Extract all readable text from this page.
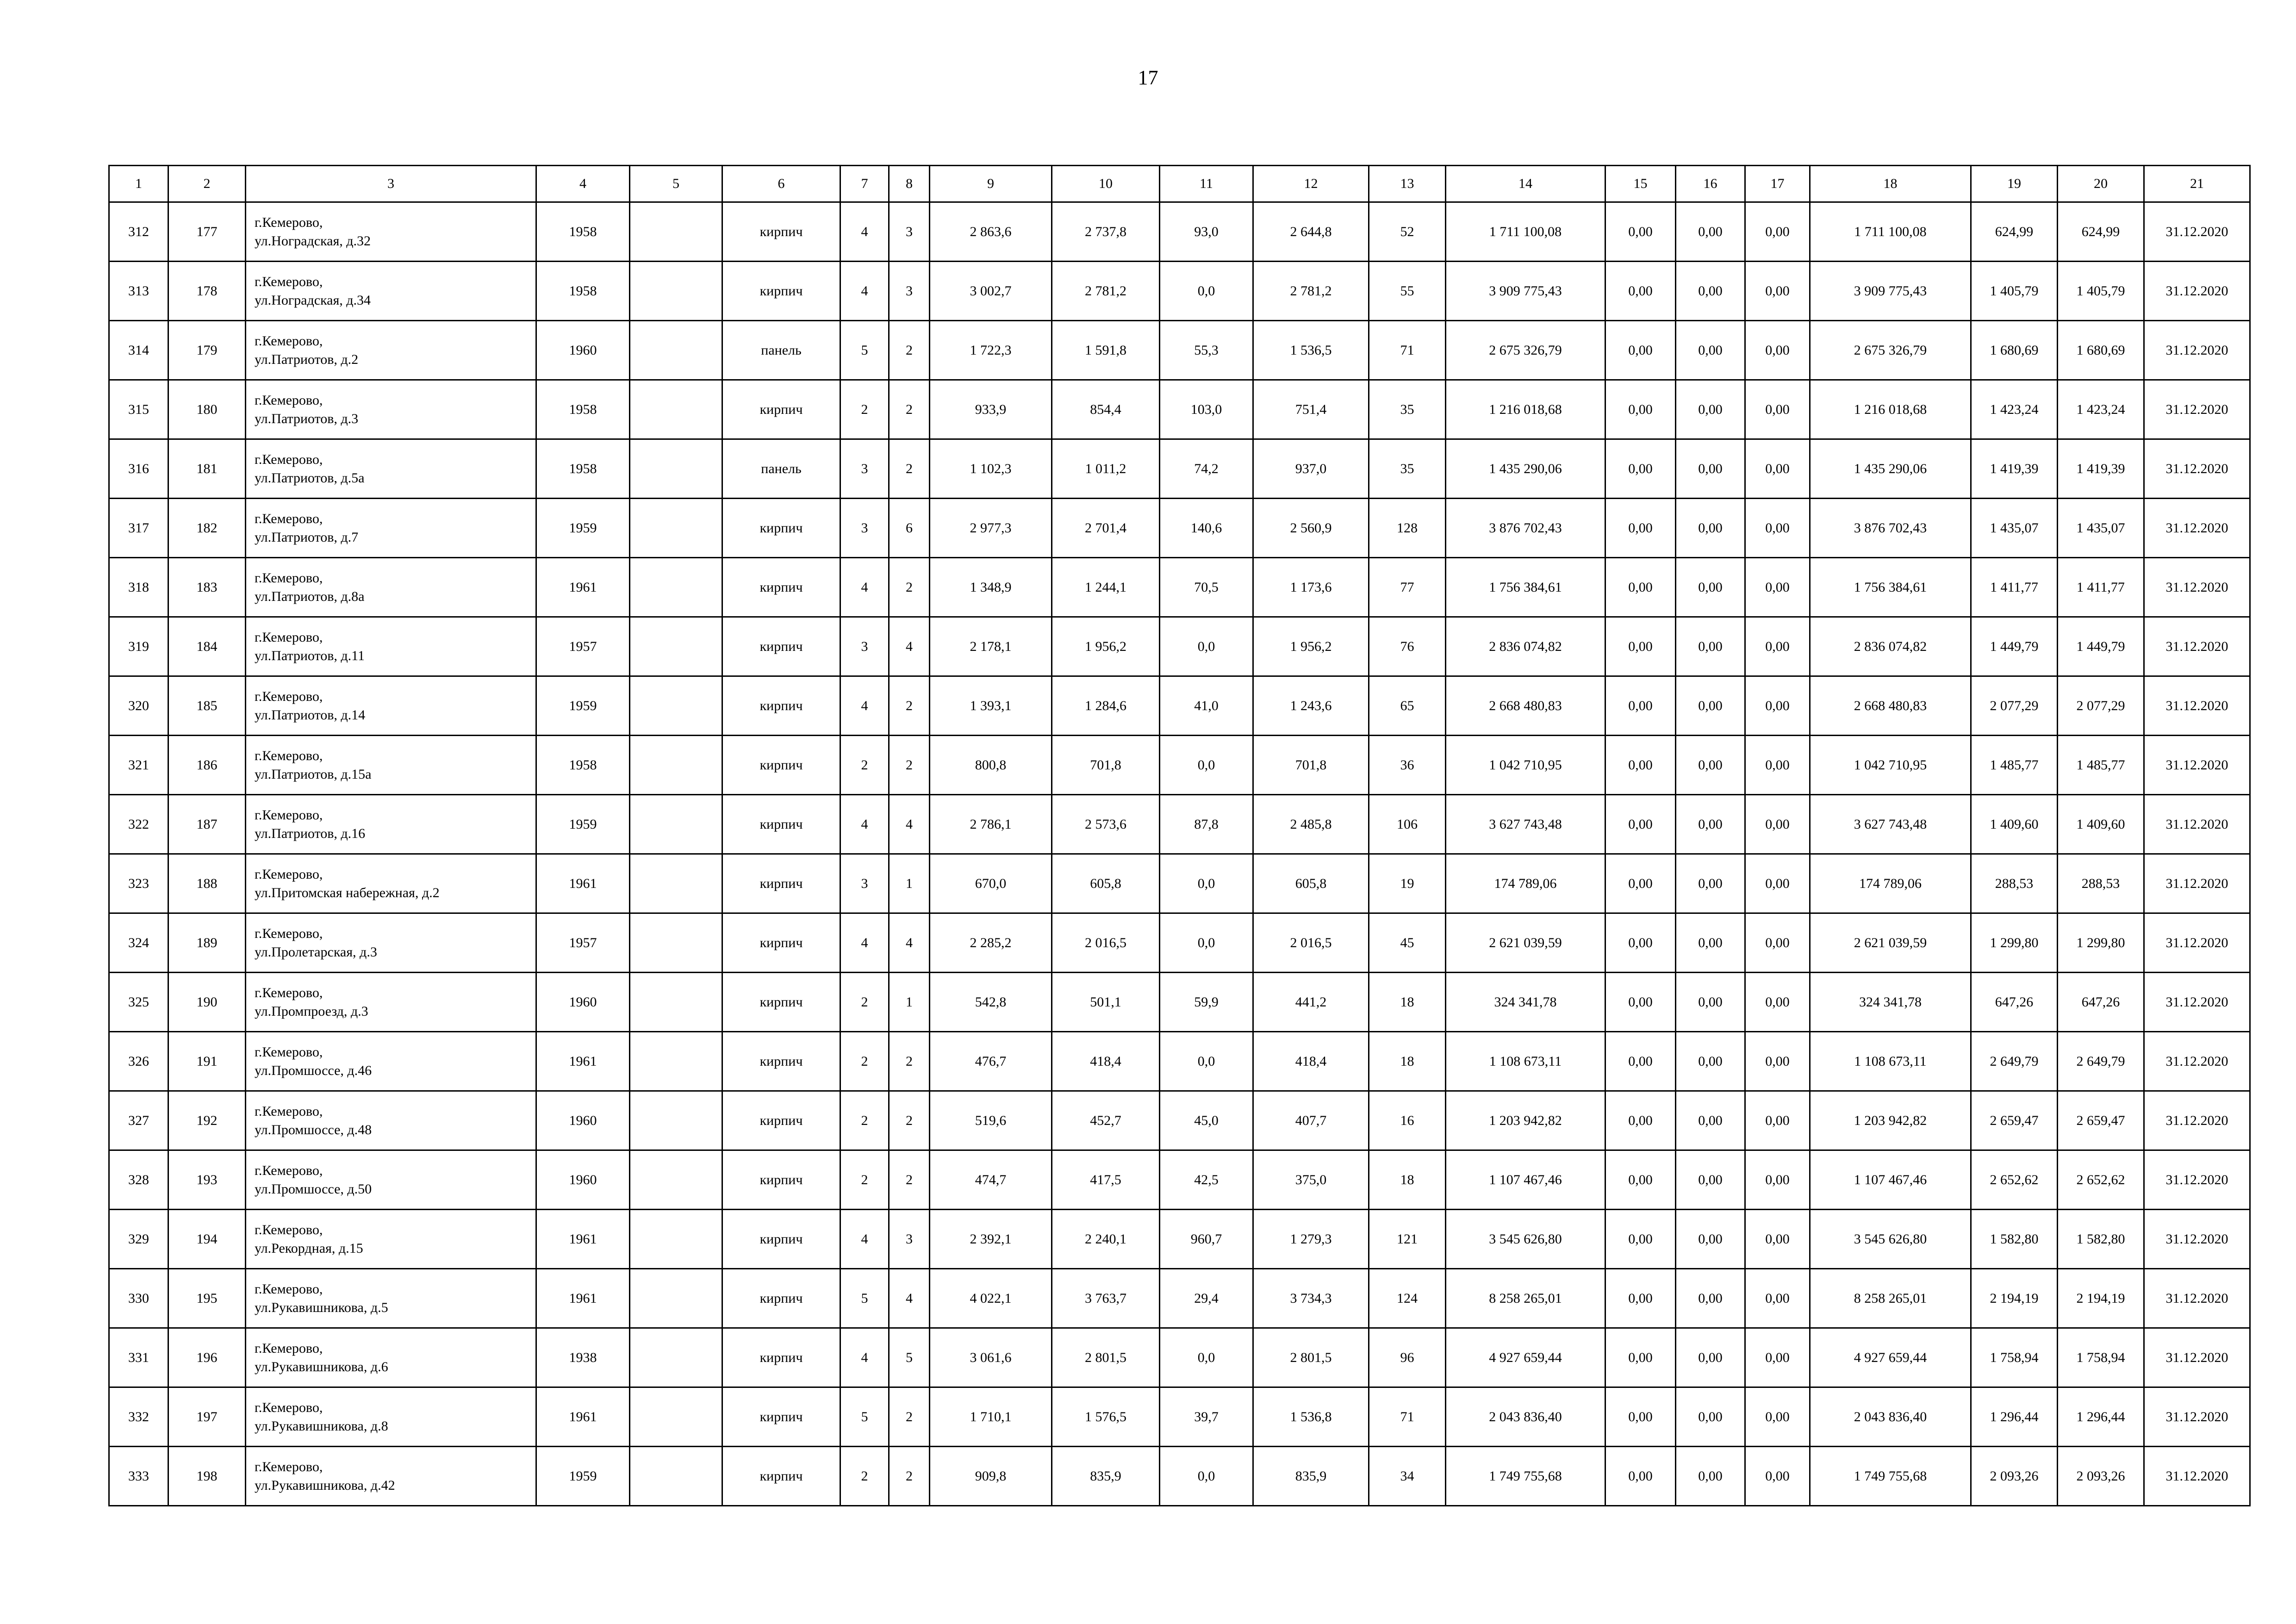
17
1	2	3	4	5	6	7	8	9	10	11	12	13	14	15	16	17	18	19	20	21
312	177	г.Кемерово,
ул.Ноградская, д.32	1958		кирпич	4	3	2 863,6	2 737,8	93,0	2 644,8	52	1 711 100,08	0,00	0,00	0,00	1 711 100,08	624,99	624,99	31.12.2020
313	178	г.Кемерово,
ул.Ноградская, д.34	1958		кирпич	4	3	3 002,7	2 781,2	0,0	2 781,2	55	3 909 775,43	0,00	0,00	0,00	3 909 775,43	1 405,79	1 405,79	31.12.2020
314	179	г.Кемерово,
ул.Патриотов, д.2	1960		панель	5	2	1 722,3	1 591,8	55,3	1 536,5	71	2 675 326,79	0,00	0,00	0,00	2 675 326,79	1 680,69	1 680,69	31.12.2020
315	180	г.Кемерово,
ул.Патриотов, д.3	1958		кирпич	2	2	933,9	854,4	103,0	751,4	35	1 216 018,68	0,00	0,00	0,00	1 216 018,68	1 423,24	1 423,24	31.12.2020
316	181	г.Кемерово,
ул.Патриотов, д.5а	1958		панель	3	2	1 102,3	1 011,2	74,2	937,0	35	1 435 290,06	0,00	0,00	0,00	1 435 290,06	1 419,39	1 419,39	31.12.2020
317	182	г.Кемерово,
ул.Патриотов, д.7	1959		кирпич	3	6	2 977,3	2 701,4	140,6	2 560,9	128	3 876 702,43	0,00	0,00	0,00	3 876 702,43	1 435,07	1 435,07	31.12.2020
318	183	г.Кемерово,
ул.Патриотов, д.8а	1961		кирпич	4	2	1 348,9	1 244,1	70,5	1 173,6	77	1 756 384,61	0,00	0,00	0,00	1 756 384,61	1 411,77	1 411,77	31.12.2020
319	184	г.Кемерово,
ул.Патриотов, д.11	1957		кирпич	3	4	2 178,1	1 956,2	0,0	1 956,2	76	2 836 074,82	0,00	0,00	0,00	2 836 074,82	1 449,79	1 449,79	31.12.2020
320	185	г.Кемерово,
ул.Патриотов, д.14	1959		кирпич	4	2	1 393,1	1 284,6	41,0	1 243,6	65	2 668 480,83	0,00	0,00	0,00	2 668 480,83	2 077,29	2 077,29	31.12.2020
321	186	г.Кемерово,
ул.Патриотов, д.15а	1958		кирпич	2	2	800,8	701,8	0,0	701,8	36	1 042 710,95	0,00	0,00	0,00	1 042 710,95	1 485,77	1 485,77	31.12.2020
322	187	г.Кемерово,
ул.Патриотов, д.16	1959		кирпич	4	4	2 786,1	2 573,6	87,8	2 485,8	106	3 627 743,48	0,00	0,00	0,00	3 627 743,48	1 409,60	1 409,60	31.12.2020
323	188	г.Кемерово,
ул.Притомская набережная, д.2	1961		кирпич	3	1	670,0	605,8	0,0	605,8	19	174 789,06	0,00	0,00	0,00	174 789,06	288,53	288,53	31.12.2020
324	189	г.Кемерово,
ул.Пролетарская, д.3	1957		кирпич	4	4	2 285,2	2 016,5	0,0	2 016,5	45	2 621 039,59	0,00	0,00	0,00	2 621 039,59	1 299,80	1 299,80	31.12.2020
325	190	г.Кемерово,
ул.Промпроезд, д.3	1960		кирпич	2	1	542,8	501,1	59,9	441,2	18	324 341,78	0,00	0,00	0,00	324 341,78	647,26	647,26	31.12.2020
326	191	г.Кемерово,
ул.Промшоссе, д.46	1961		кирпич	2	2	476,7	418,4	0,0	418,4	18	1 108 673,11	0,00	0,00	0,00	1 108 673,11	2 649,79	2 649,79	31.12.2020
327	192	г.Кемерово,
ул.Промшоссе, д.48	1960		кирпич	2	2	519,6	452,7	45,0	407,7	16	1 203 942,82	0,00	0,00	0,00	1 203 942,82	2 659,47	2 659,47	31.12.2020
328	193	г.Кемерово,
ул.Промшоссе, д.50	1960		кирпич	2	2	474,7	417,5	42,5	375,0	18	1 107 467,46	0,00	0,00	0,00	1 107 467,46	2 652,62	2 652,62	31.12.2020
329	194	г.Кемерово,
ул.Рекордная, д.15	1961		кирпич	4	3	2 392,1	2 240,1	960,7	1 279,3	121	3 545 626,80	0,00	0,00	0,00	3 545 626,80	1 582,80	1 582,80	31.12.2020
330	195	г.Кемерово,
ул.Рукавишникова, д.5	1961		кирпич	5	4	4 022,1	3 763,7	29,4	3 734,3	124	8 258 265,01	0,00	0,00	0,00	8 258 265,01	2 194,19	2 194,19	31.12.2020
331	196	г.Кемерово,
ул.Рукавишникова, д.6	1938		кирпич	4	5	3 061,6	2 801,5	0,0	2 801,5	96	4 927 659,44	0,00	0,00	0,00	4 927 659,44	1 758,94	1 758,94	31.12.2020
332	197	г.Кемерово,
ул.Рукавишникова, д.8	1961		кирпич	5	2	1 710,1	1 576,5	39,7	1 536,8	71	2 043 836,40	0,00	0,00	0,00	2 043 836,40	1 296,44	1 296,44	31.12.2020
333	198	г.Кемерово,
ул.Рукавишникова, д.42	1959		кирпич	2	2	909,8	835,9	0,0	835,9	34	1 749 755,68	0,00	0,00	0,00	1 749 755,68	2 093,26	2 093,26	31.12.2020
